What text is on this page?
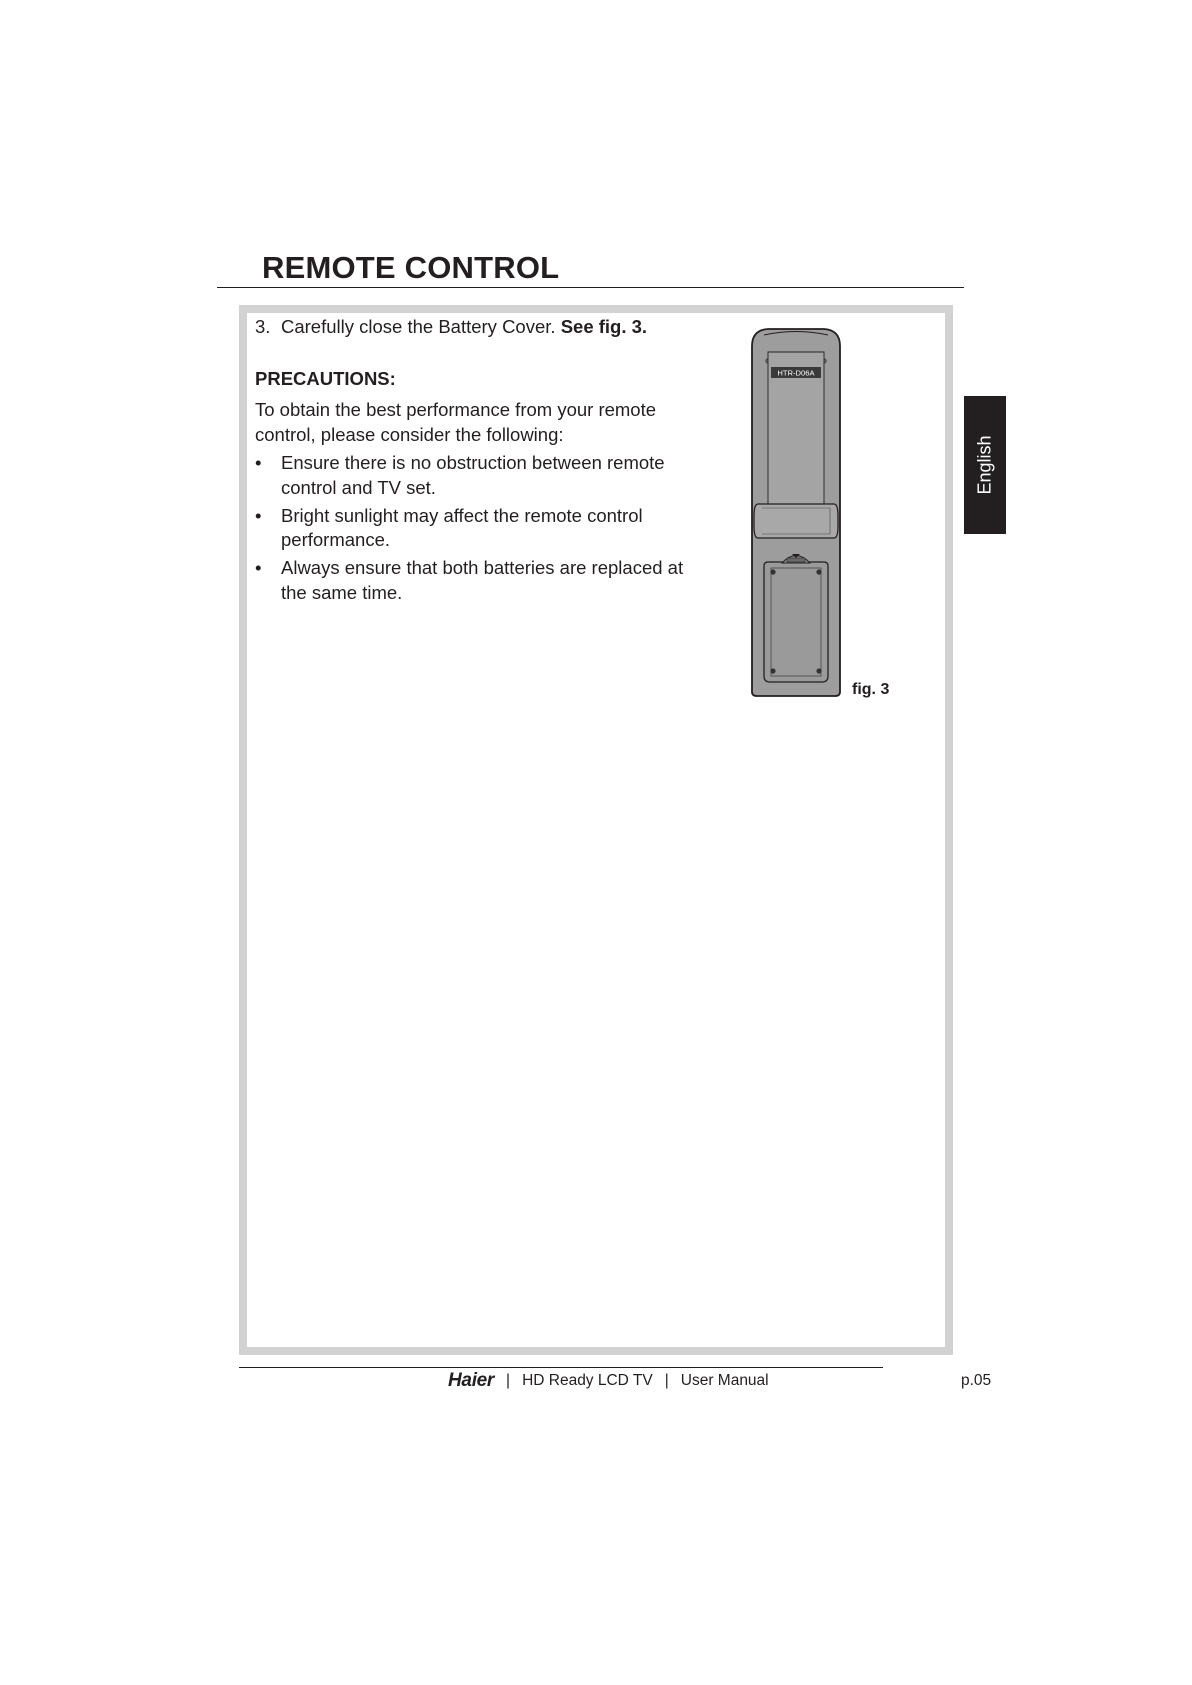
REMOTE CONTROL
3. Carefully close the Battery Cover. See fig. 3.
PRECAUTIONS:
To obtain the best performance from your remote control, please consider the following:
• Ensure there is no obstruction between remote control and TV set.
• Bright sunlight may affect the remote control performance.
• Always ensure that both batteries are replaced at the same time.
HTR-D06A
fig. 3
English
Haier | HD Ready LCD TV | User Manual	p.05
